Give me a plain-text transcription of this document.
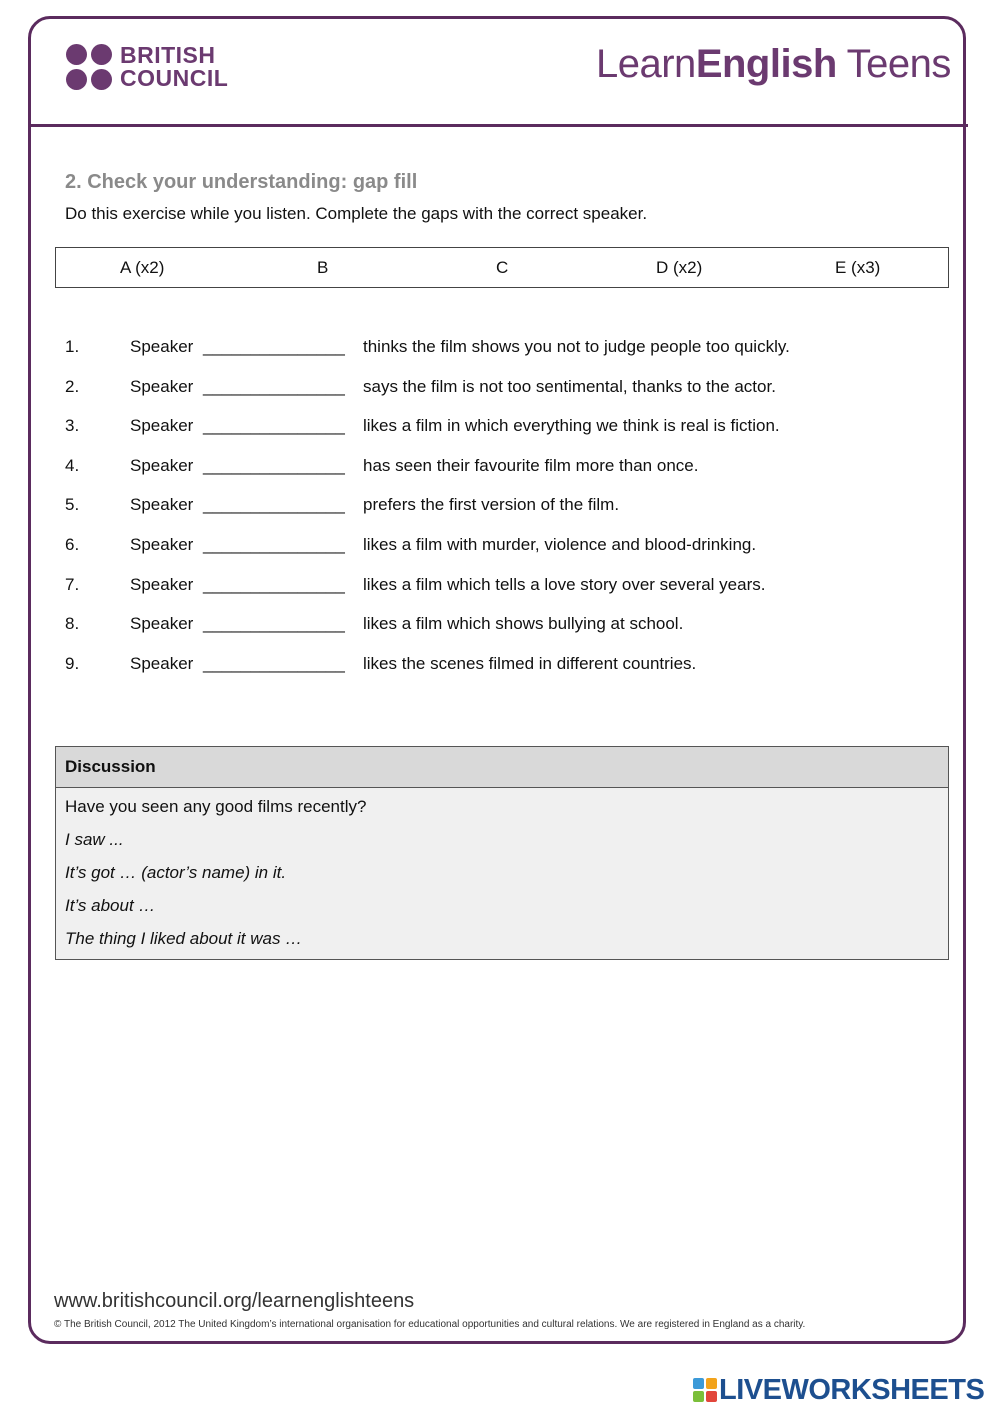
BRITISH
COUNCIL	LearnEnglish Teens
2. Check your understanding: gap fill
Do this exercise while you listen. Complete the gaps with the correct speaker.
A (x2)	B	C	D (x2)	E (x3)
1.	Speaker _______________ thinks the film shows you not to judge people too quickly.
2.	Speaker _______________ says the film is not too sentimental, thanks to the actor.
3.	Speaker _______________ likes a film in which everything we think is real is fiction.
4.	Speaker _______________ has seen their favourite film more than once.
5.	Speaker _______________ prefers the first version of the film.
6.	Speaker _______________ likes a film with murder, violence and blood-drinking.
7.	Speaker _______________ likes a film which tells a love story over several years.
8.	Speaker _______________ likes a film which shows bullying at school.
9.	Speaker _______________ likes the scenes filmed in different countries.
Discussion
Have you seen any good films recently?
I saw ...
It’s got … (actor’s name) in it.
It’s about …
The thing I liked about it was …
www.britishcouncil.org/learnenglishteens
© The British Council, 2012 The United Kingdom’s international organisation for educational opportunities and cultural relations. We are registered in England as a charity.
LIVEWORKSHEETS
